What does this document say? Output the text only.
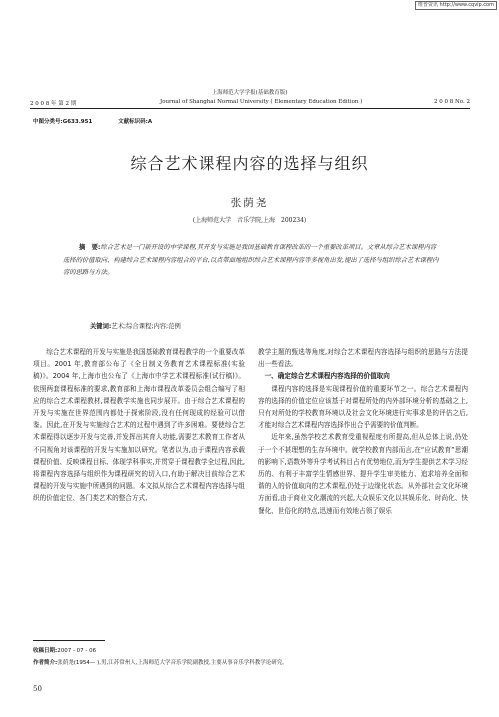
维普资讯 http://www.cqvip.com
上海师范大学学报(基础教育版)
2 0 0 8 年 第 2 期	Journal of Shanghai Normal University ( Elementary Education Edition )	2 0 0 8 No. 2
中图分类号:G633.951	文献标识码:A
综合艺术课程内容的选择与组织
张荫尧
(上海师范大学　音乐学院,上海　200234)
摘　要:综合艺术是一门新开设的中学课程,其开发与实施是我国基础教育课程改革的一个重要改革项目。文章从综合艺术课程内容选择的价值取向、构建综合艺术课程内容组合的平台,以点带面地组织综合艺术课程内容等多视角出发,提出了选择与组织综合艺术课程内容的思路与方法。
关键词:艺术;综合课程;内容;范例

综合艺术课程的开发与实施是我国基础教育课程教学的一个重要改革项目。2001 年,教育部公布了《全日制义务教育艺术课程标准(实验稿)》。2004 年,上海市也公布了《上海市中学艺术课程标准(试行稿)》。依照两套课程标准的要求,教育部和上海市课程改革委员会组合编写了相应的综合艺术课程教材,课程教学实施也同步展开。由于综合艺术课程的开发与实施在世界范围内都处于探索阶段,没有任何现成的经验可以借鉴。因此,在开发与实施综合艺术的过程中遇到了许多困难。要使综合艺术课程得以逐步开发与完善,并发挥出其育人功能,需要艺术教育工作者从不同视角对该课程的开发与实施加以研究。笔者以为,由于课程内容承载课程价值、反映课程目标、体现学科事实,并贯穿于课程教学全过程,因此,将课程内容选择与组织作为课程研究的切入口,有助于解决目前综合艺术课程的开发与实施中所遇到的问题。本文拟从综合艺术课程内容选择与组织的价值定位、各门类艺术的整合方式、

教学主题的甄选等角度,对综合艺术课程内容选择与组织的思路与方法提出一些看法。

一、确定综合艺术课程内容选择的价值取向

课程内容的选择是实现课程价值的重要环节之一。综合艺术课程内容的选择的价值定位应该基于对课程所处的内外部环境分析的基础之上,只有对所处的学校教育环境以及社会文化环境进行实事求是的评估之后,才能对综合艺术课程内容选择作出合乎需要的价值判断。

近年来,虽然学校艺术教育受重视程度有所提高,但从总体上说,仍处于一个不甚理想的生存环境中。就学校教育内部而言,在“应试教育”思潮的影响下,语数外等升学考试科目占有优势地位,而为学生提供艺术学习经历的、有利于丰富学生情感世界、提升学生审美能力、追求培养全面和谐的人的价值取向的艺术课程,仍处于边缘化状态。从外部社会文化环境方面看,由于商业文化潮流的兴起,大众娱乐文化以其娱乐化、时尚化、快餐化、世俗化的特点,迅速而有效地占领了娱乐

收稿日期:2007 - 07 - 06
作者简介:张荫尧(1954— ),男,江苏常州人,上海师范大学音乐学院副教授,主要从事音乐学科教学论研究。
50
